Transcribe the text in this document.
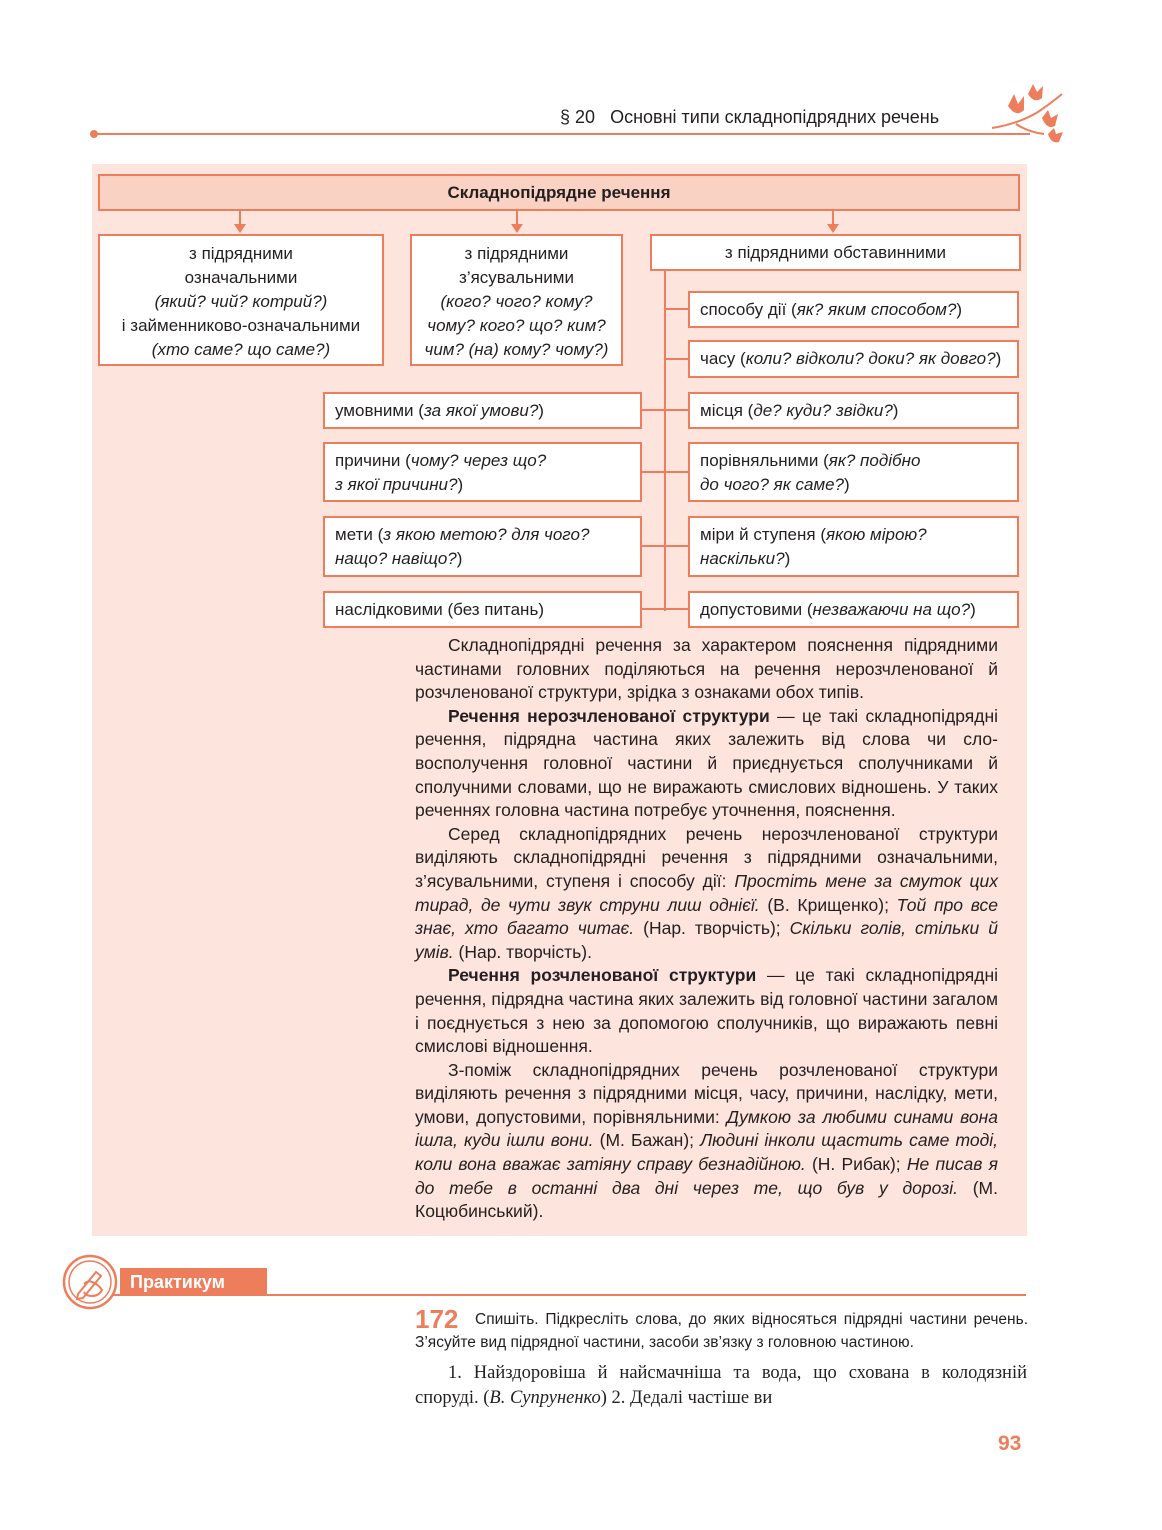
§ 20 Основні типи складнопідрядних речень
Складнопідрядне речення
з підрядними
означальними
(який? чий? котрий?)
і займенниково-означальними
(хто саме? що саме?)
з підрядними
з’ясувальними
(кого? чого? кому?
чому? кого? що? ким?
чим? (на) кому? чому?)
з підрядними обставинними
способу дії ( як? яким способом? )
часу ( коли? відколи? доки? як довго? )
місця ( де? куди? звідки? )
порівняльними (як? подібно
до чого? як саме?)
міри й ступеня (якою мірою?
наскільки?)
допустовими ( незважаючи на що? )
умовними ( за якої умови? )
причини (чому? через що?
з якої причини?)
мети (з якою метою? для чого?
нащо? навіщо?)
наслідковими ( без питань )

Складнопідрядні речення за характером пояснення підрядними частинами головних поділяються на речення нерозчленованої й розчленованої структури, зрідка з ознаками обох типів.

Речення нерозчленованої структури — це такі складнопідрядні речення, підрядна частина яких залежить від слова чи словосполучення головної частини й приєднується сполучниками й сполучними словами, що не виражають смислових відношень. У таких реченнях головна частина потребує уточнення, пояснення.

Серед складнопідрядних речень нерозчленованої структури виділяють складнопідрядні речення з підрядними означальними, з’ясувальними, ступеня і способу дії: Простіть мене за смуток цих тирад, де чути звук струни лиш однієї. (В. Крищенко); Той про все знає, хто багато читає. (Нар. творчість); Скільки голів, стільки й умів. (Нар. творчість).

Речення розчленованої структури — це такі складнопідрядні речення, підрядна частина яких залежить від головної частини загалом і поєднується з нею за допомогою сполучників, що виражають певні смислові відношення.

З-поміж складнопідрядних речень розчленованої структури виділяють речення з підрядними місця, часу, причини, наслідку, мети, умови, допустовими, порівняльними: Думкою за любими синами вона ішла, куди ішли вони. (М. Бажан); Людині інколи щастить саме тоді, коли вона вважає затіяну справу безнадійною. (Н. Рибак); Не писав я до тебе в останні два дні через те, що був у дорозі. (М. Коцюбинський).

Практикум
172	Спишіть. Підкресліть слова, до яких відносяться підрядні частини речень. З’ясуйте вид підрядної частини, засоби зв’язку з головною частиною.

1. Найздоровіша й найсмачніша та вода, що схована в колодязній споруді. (В. Супруненко) 2. Дедалі частіше ви

93
